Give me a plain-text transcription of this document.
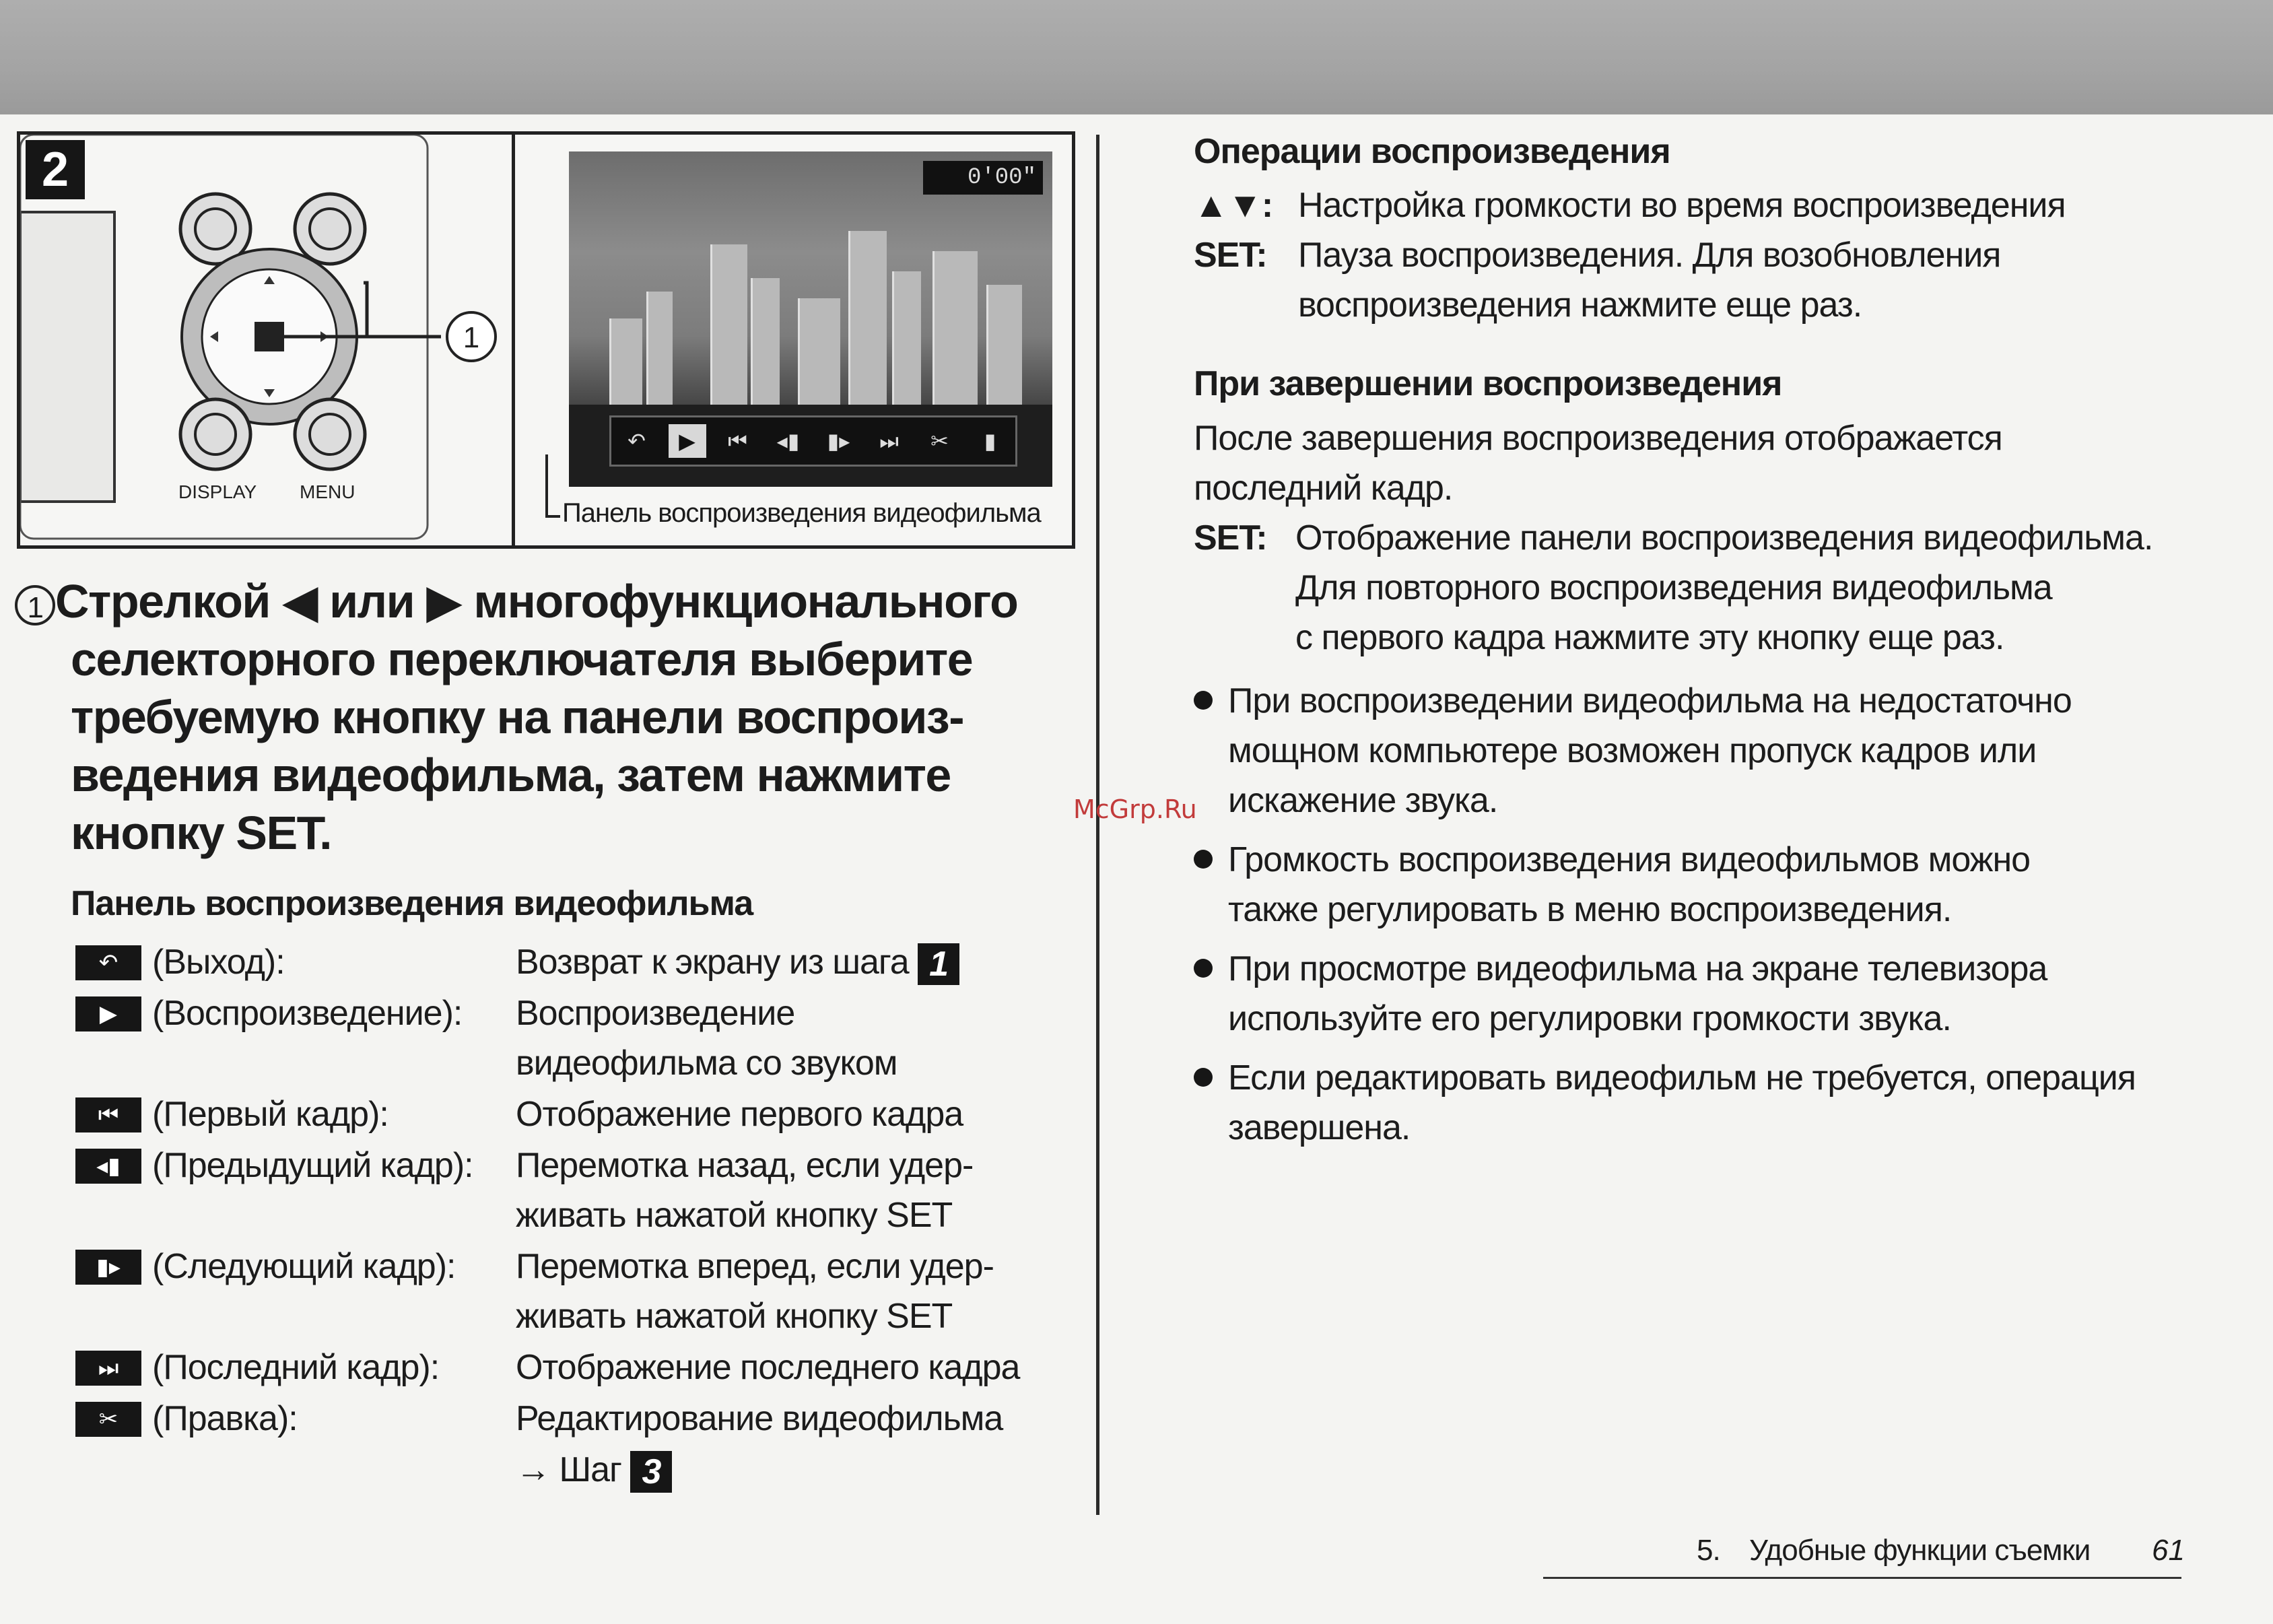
2
1
DISPLAY MENU
0'00"
↶	▶	⏮	◂▮	▮▸	⏭	✂	▮
Панель воспроизведения видеофильма
1 Стрелкой ◀ или ▶ многофункционального
селекторного переключателя выберите
требуемую кнопку на панели воспроиз-
ведения видеофильма, затем нажмите
кнопку SET.
Панель воспроизведения видеофильма
↶ (Выход):	Возврат к экрану из шага 1
▶ (Воспроизведение): Воспроизведение
видеофильма со звуком
⏮ (Первый кадр):	Отображение первого кадра
◂▮ (Предыдущий кадр): Перемотка назад, если удер-
живать нажатой кнопку SET
▮▸ (Следующий кадр): Перемотка вперед, если удер-
живать нажатой кнопку SET
⏭ (Последний кадр): Отображение последнего кадра
✂ (Правка):	Редактирование видеофильма
→ Шаг 3
Операции воспроизведения
▲▼: Настройка громкости во время воспроизведения
SET: Пауза воспроизведения. Для возобновления
воспроизведения нажмите еще раз.
При завершении воспроизведения
После завершения воспроизведения отображается
последний кадр.
SET: Отображение панели воспроизведения видеофильма.
Для повторного воспроизведения видеофильма
с первого кадра нажмите эту кнопку еще раз.
При воспроизведении видеофильма на недостаточно
мощном компьютере возможен пропуск кадров или
искажение звука.
Громкость воспроизведения видеофильмов можно
также регулировать в меню воспроизведения.
При просмотре видеофильма на экране телевизора
используйте его регулировки громкости звука.
Если редактировать видеофильм не требуется, операция
завершена.
McGrp.Ru
5. Удобные функции съемки 61
